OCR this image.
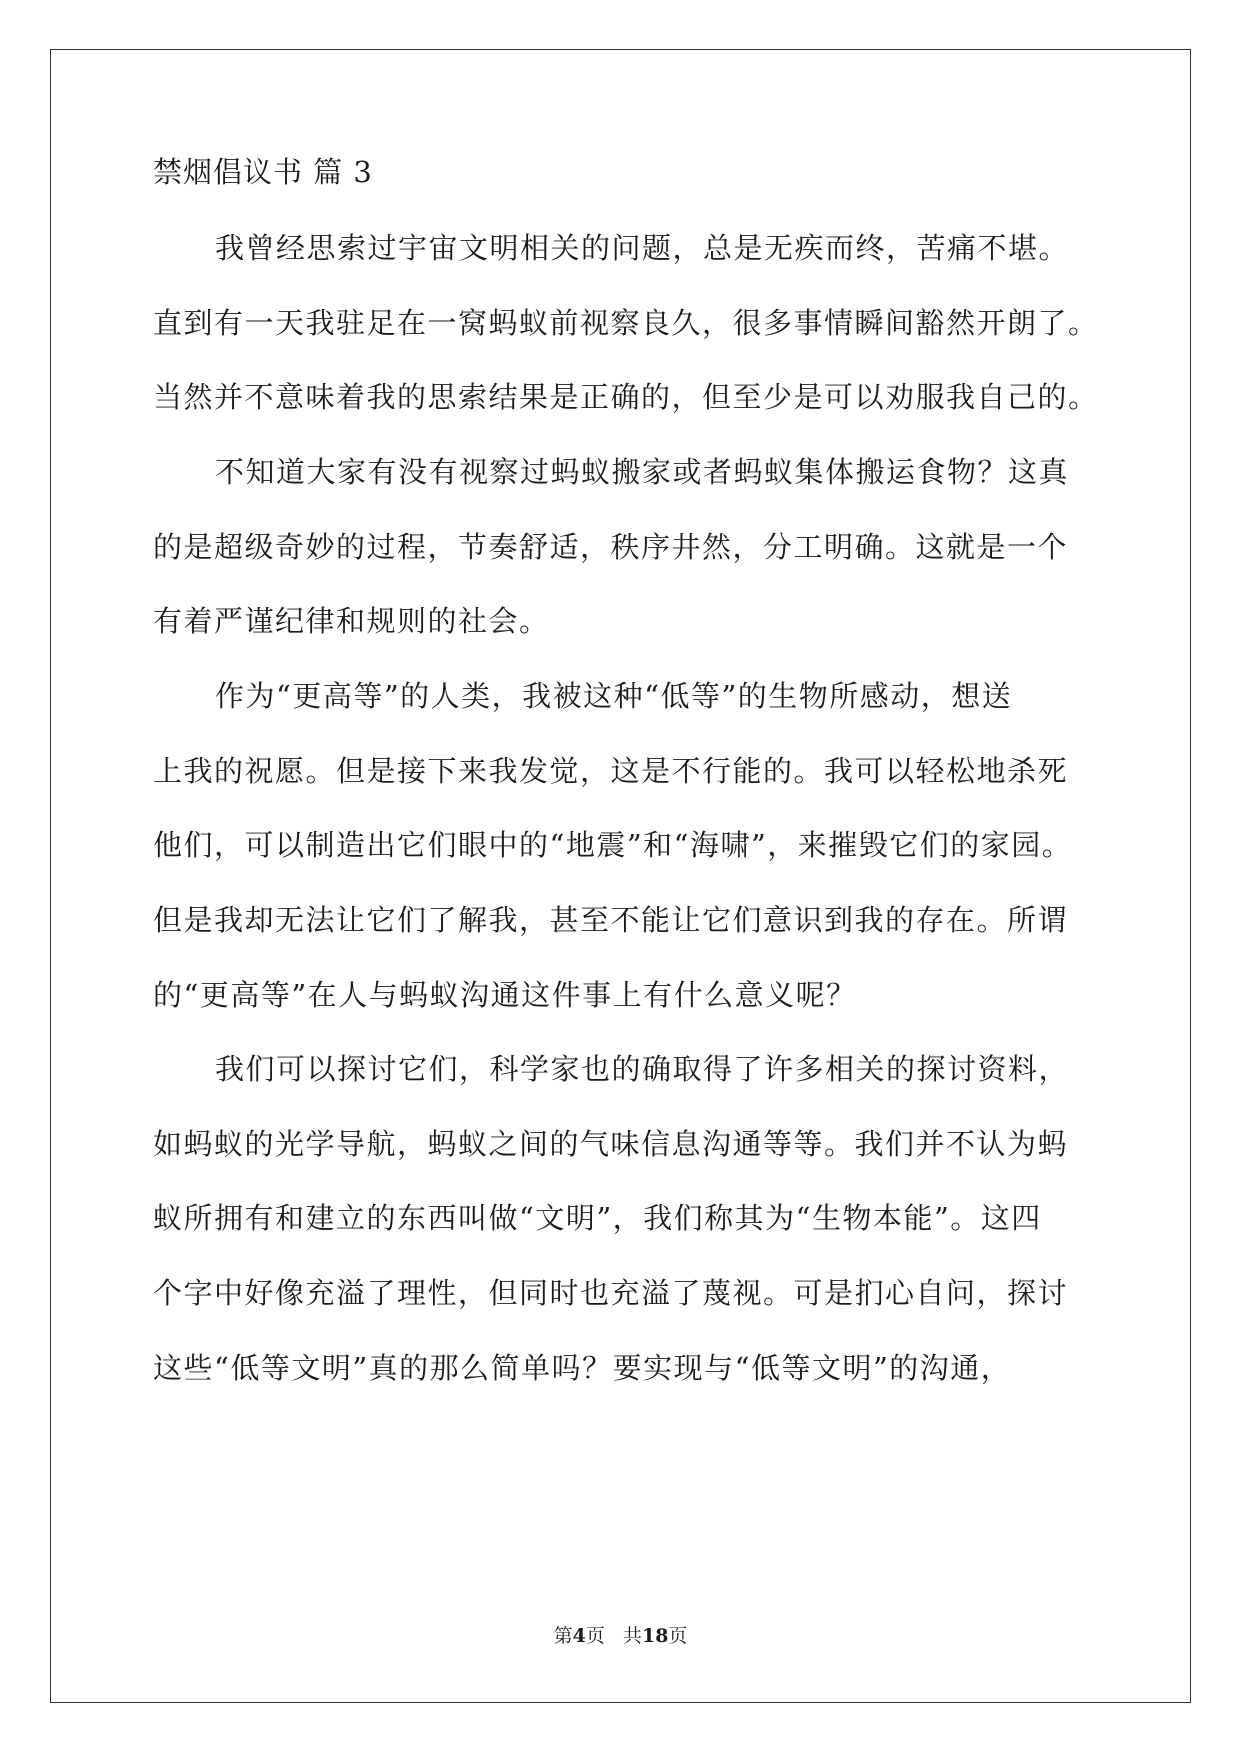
禁烟倡议书 篇 3
我曾经思索过宇宙文明相关的问题，总是无疾而终，苦痛不堪。
直到有一天我驻足在一窝蚂蚁前视察良久，很多事情瞬间豁然开朗了。
当然并不意味着我的思索结果是正确的，但至少是可以劝服我自己的。
不知道大家有没有视察过蚂蚁搬家或者蚂蚁集体搬运食物？这真
的是超级奇妙的过程，节奏舒适，秩序井然，分工明确。这就是一个
有着严谨纪律和规则的社会。
作为“更高等”的人类，我被这种“低等”的生物所感动，想送
上我的祝愿。但是接下来我发觉，这是不行能的。我可以轻松地杀死
他们，可以制造出它们眼中的“地震”和“海啸”，来摧毁它们的家园。
但是我却无法让它们了解我，甚至不能让它们意识到我的存在。所谓
的“更高等”在人与蚂蚁沟通这件事上有什么意义呢？
我们可以探讨它们，科学家也的确取得了许多相关的探讨资料，
如蚂蚁的光学导航，蚂蚁之间的气味信息沟通等等。我们并不认为蚂
蚁所拥有和建立的东西叫做“文明”，我们称其为“生物本能”。这四
个字中好像充溢了理性，但同时也充溢了蔑视。可是扪心自问，探讨
这些“低等文明”真的那么简单吗？要实现与“低等文明”的沟通，
第4页 共18页
